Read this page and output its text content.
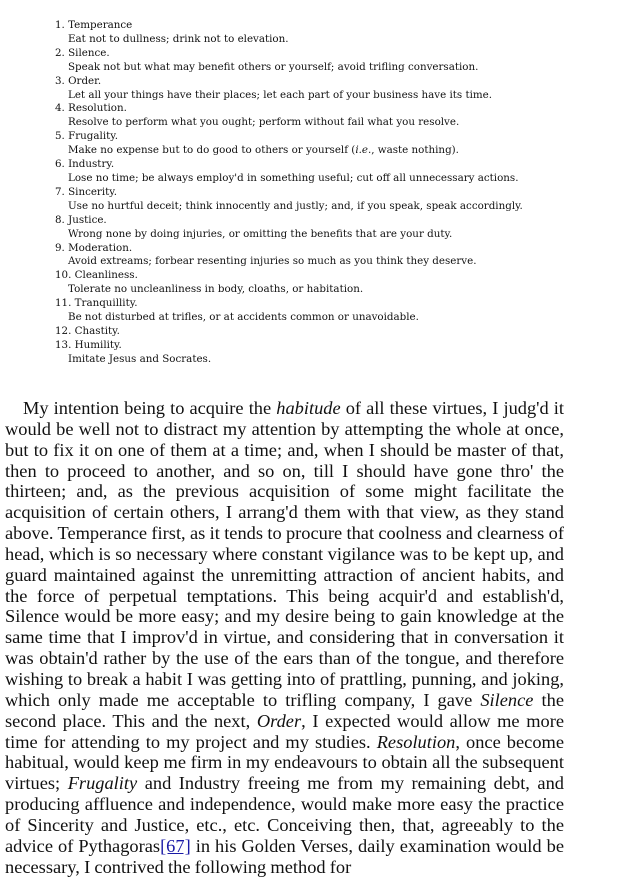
1. Temperance
Eat not to dullness; drink not to elevation.
2. Silence.
Speak not but what may benefit others or yourself; avoid trifling conversation.
3. Order.
Let all your things have their places; let each part of your business have its time.
4. Resolution.
Resolve to perform what you ought; perform without fail what you resolve.
5. Frugality.
Make no expense but to do good to others or yourself (i.e., waste nothing).
6. Industry.
Lose no time; be always employ'd in something useful; cut off all unnecessary actions.
7. Sincerity.
Use no hurtful deceit; think innocently and justly; and, if you speak, speak accordingly.
8. Justice.
Wrong none by doing injuries, or omitting the benefits that are your duty.
9. Moderation.
Avoid extreams; forbear resenting injuries so much as you think they deserve.
10. Cleanliness.
Tolerate no uncleanliness in body, cloaths, or habitation.
11. Tranquillity.
Be not disturbed at trifles, or at accidents common or unavoidable.
12. Chastity.
13. Humility.
Imitate Jesus and Socrates.

My intention being to acquire the habitude of all these virtues, I judg'd it would be well not to distract my attention by attempting the whole at once, but to fix it on one of them at a time; and, when I should be master of that, then to proceed to another, and so on, till I should have gone thro' the thirteen; and, as the previous acquisition of some might facilitate the acquisition of certain others, I arrang'd them with that view, as they stand above. Temperance first, as it tends to procure that coolness and clearness of head, which is so necessary where constant vigilance was to be kept up, and guard maintained against the unremitting attraction of ancient habits, and the force of perpetual temptations. This being acquir'd and establish'd, Silence would be more easy; and my desire being to gain knowledge at the same time that I improv'd in virtue, and considering that in conversation it was obtain'd rather by the use of the ears than of the tongue, and therefore wishing to break a habit I was getting into of prattling, punning, and joking, which only made me acceptable to trifling company, I gave Silence the second place. This and the next, Order, I expected would allow me more time for attending to my project and my studies. Resolution, once become habitual, would keep me firm in my endeavours to obtain all the subsequent virtues; Frugality and Industry freeing me from my remaining debt, and producing affluence and independence, would make more easy the practice of Sincerity and Justice, etc., etc. Conceiving then, that, agreeably to the advice of Pythagoras[67] in his Golden Verses, daily examination would be necessary, I contrived the following method for
